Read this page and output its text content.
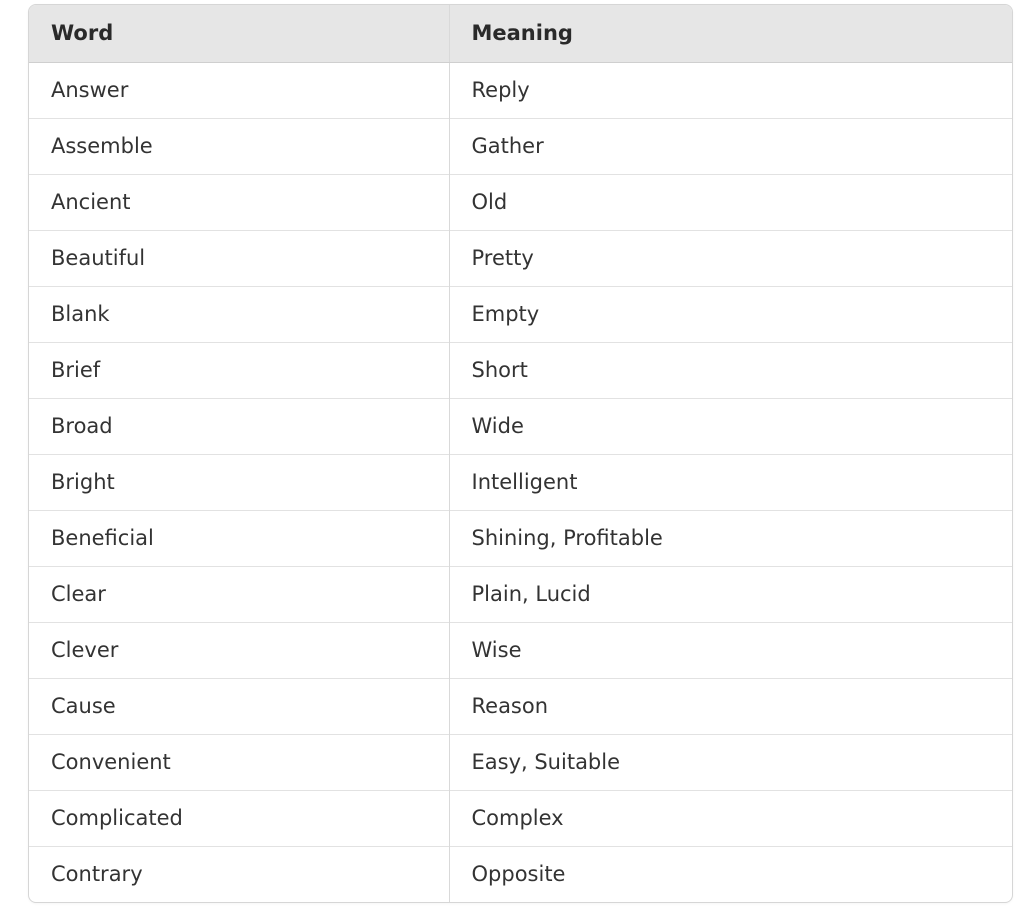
Word	Meaning
Answer	Reply
Assemble	Gather
Ancient	Old
Beautiful	Pretty
Blank	Empty
Brief	Short
Broad	Wide
Bright	Intelligent
Beneficial	Shining, Profitable
Clear	Plain, Lucid
Clever	Wise
Cause	Reason
Convenient	Easy, Suitable
Complicated	Complex
Contrary	Opposite
